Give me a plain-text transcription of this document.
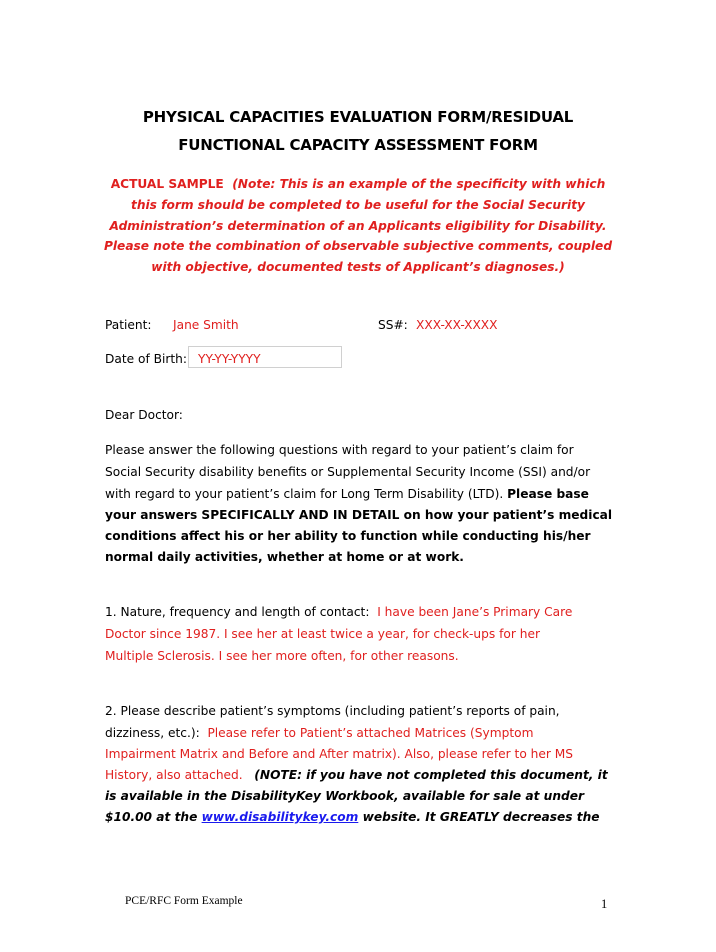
PHYSICAL CAPACITIES EVALUATION FORM/RESIDUAL
FUNCTIONAL CAPACITY ASSESSMENT FORM
ACTUAL SAMPLE (Note: This is an example of the specificity with which
this form should be completed to be useful for the Social Security
Administration’s determination of an Applicants eligibility for Disability.
Please note the combination of observable subjective comments, coupled
with objective, documented tests of Applicant’s diagnoses.)
Patient: Jane Smith	SS#: XXX-XX-XXXX
Date of Birth: YY-YY-YYYY
Dear Doctor:
Please answer the following questions with regard to your patient’s claim for
Social Security disability benefits or Supplemental Security Income (SSI) and/or
with regard to your patient’s claim for Long Term Disability (LTD). Please base
your answers SPECIFICALLY AND IN DETAIL on how your patient’s medical
conditions affect his or her ability to function while conducting his/her
normal daily activities, whether at home or at work.
1. Nature, frequency and length of contact: I have been Jane’s Primary Care
Doctor since 1987. I see her at least twice a year, for check-ups for her
Multiple Sclerosis. I see her more often, for other reasons.
2. Please describe patient’s symptoms (including patient’s reports of pain,
dizziness, etc.): Please refer to Patient’s attached Matrices (Symptom
Impairment Matrix and Before and After matrix). Also, please refer to her MS
History, also attached. (NOTE: if you have not completed this document, it
is available in the DisabilityKey Workbook, available for sale at under
$10.00 at the www.disabilitykey.com website. It GREATLY decreases the
PCE/RFC Form Example	1
